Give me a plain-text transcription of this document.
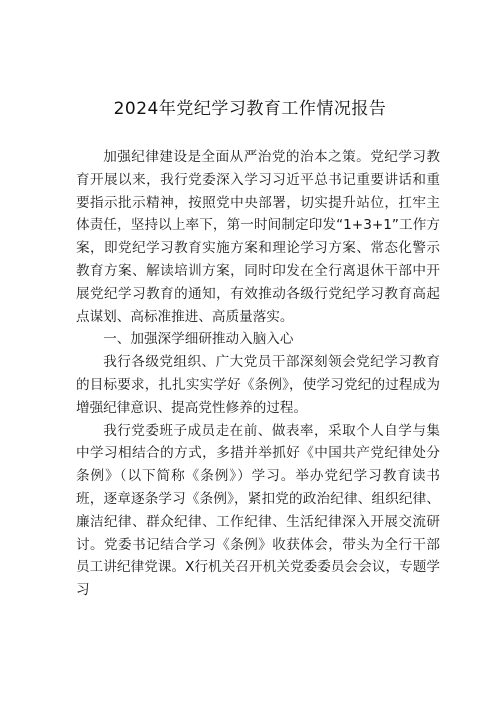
2024年党纪学习教育工作情况报告

加强纪律建设是全面从严治党的治本之策。党纪学习教育开展以来，我行党委深入学习习近平总书记重要讲话和重要指示批示精神，按照党中央部署，切实提升站位，扛牢主体责任，坚持以上率下，第一时间制定印发“1+3+1”工作方案，即党纪学习教育实施方案和理论学习方案、常态化警示教育方案、解读培训方案，同时印发在全行离退休干部中开展党纪学习教育的通知，有效推动各级行党纪学习教育高起点谋划、高标准推进、高质量落实。

一、加强深学细研推动入脑入心

我行各级党组织、广大党员干部深刻领会党纪学习教育的目标要求，扎扎实实学好《条例》，使学习党纪的过程成为增强纪律意识、提高党性修养的过程。

我行党委班子成员走在前、做表率，采取个人自学与集中学习相结合的方式，多措并举抓好《中国共产党纪律处分条例》（以下简称《条例》）学习。举办党纪学习教育读书班，逐章逐条学习《条例》，紧扣党的政治纪律、组织纪律、廉洁纪律、群众纪律、工作纪律、生活纪律深入开展交流研讨。党委书记结合学习《条例》收获体会，带头为全行干部员工讲纪律党课。X行机关召开机关党委委员会会议，专题学习
